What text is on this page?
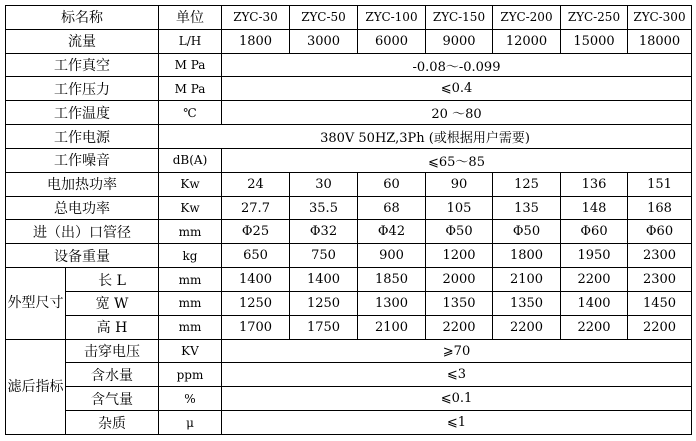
标名称		单位	ZYC-30	ZYC-50	ZYC-100	ZYC-150	ZYC-200	ZYC-250	ZYC-300
流量		L/H	1800	3000	6000	9000	12000	15000	18000
工作真空		M Pa	-0.08～-0.099						
工作压力		M Pa	⩽0.4						
工作温度		℃	20 ～80						
工作电源		380V 50HZ,3Ph (或根据用户需要)							
工作噪音		dB(A)	⩽65～85						
电加热功率		Kw	24	30	60	90	125	136	151
总电功率		Kw	27.7	35.5	68	105	135	148	168
进（出）口管径		mm	Φ25	Φ32	Φ42	Φ50	Φ50	Φ60	Φ60
设备重量		kg	650	750	900	1200	1800	1950	2300
外型尺寸	长 L	mm	1400	1400	1850	2000	2100	2200	2300
	宽 W	mm	1250	1250	1300	1350	1350	1400	1450
	高 H	mm	1700	1750	2100	2200	2200	2200	2200
滤后指标	击穿电压	KV	⩾70						
	含水量	ppm	⩽3						
	含气量	%	⩽0.1						
	杂质	μ	⩽1						
